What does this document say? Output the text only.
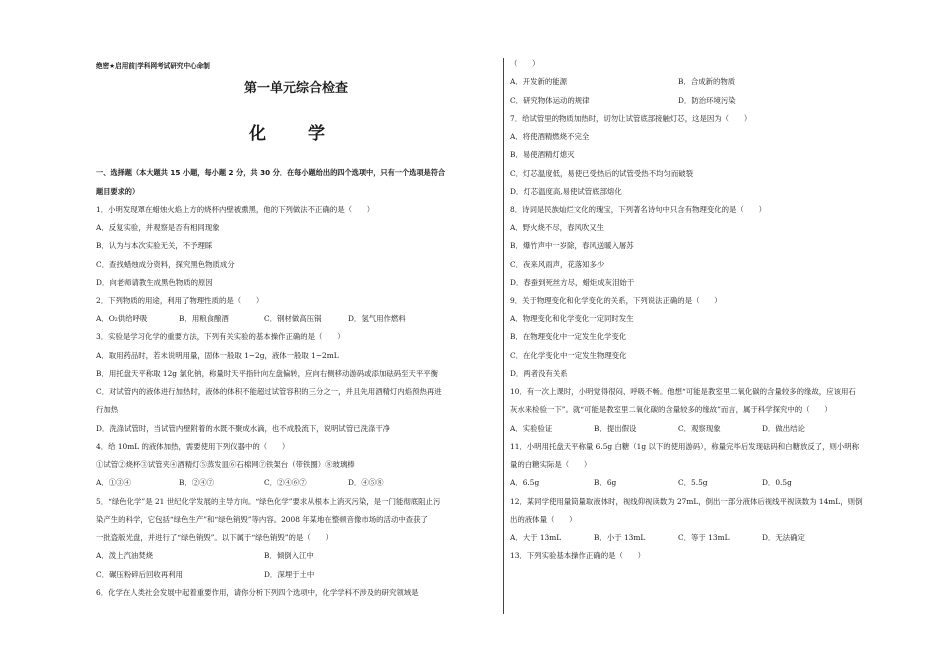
绝密★启用前|学科网考试研究中心命制
第一单元综合检查
化 学
一、选择题（本大题共 15 小题，每小题 2 分，共 30 分．在每小题给出的四个选项中，只有一个选项是符合
题目要求的）
1．小明发现罩在蜡烛火焰上方的烧杯内壁被熏黑，他的下列做法不正确的是（　　）
A．反复实验，并观察是否有相同现象
B．认为与本次实验无关，不予理睬
C．查找蜡烛成分资料，探究黑色物质成分
D．向老师请教生成黑色物质的原因
2．下列物质的用途，利用了物理性质的是（　　）
A．O₂供给呼吸	B．用粮食酿酒	C．钢材做高压锅	D．氢气用作燃料
3．实验是学习化学的重要方法，下列有关实验的基本操作正确的是（　　）
A．取用药品时，若未说明用量，固体一般取 1~2g，液体一般取 1~2mL
B．用托盘天平称取 12g 氯化钠，称量时天平指针向左盘偏转，应向右侧移动游码或添加砝码至天平平衡
C．对试管内的液体进行加热时，液体的体积不能超过试管容积的三分之一，并且先用酒精灯内焰预热再进
行加热
D．洗涤试管时，当试管内壁附着的水既不聚成水滴，也不成股流下，说明试管已洗涤干净
4．给 10mL 的液体加热，需要使用下列仪器中的（　　）
①试管②烧杯③试管夹④酒精灯⑤蒸发皿⑥石棉网⑦铁架台（带铁圈）⑧玻璃棒
A．①③④	B．②④⑦	C．②④⑥⑦	D．④⑤⑧
5．“绿色化学”是 21 世纪化学发展的主导方向。“绿色化学”要求从根本上消灭污染，是一门能彻底阻止污
染产生的科学，它包括“绿色生产”和“绿色销毁”等内容。2008 年某地在整顿音像市场的活动中查获了
一批盗版光盘，并进行了“绿色销毁”。以下属于“绿色销毁”的是（　　）
A．泼上汽油焚烧	B．倾倒入江中
C．碾压粉碎后回收再利用	D．深埋于土中
6．化学在人类社会发展中起着重要作用，请你分析下列四个选项中，化学学科不涉及的研究领域是
（　　）
A．开发新的能源	B．合成新的物质
C．研究物体运动的规律	D．防治环境污染
7．给试管里的物质加热时，切勿让试管底部接触灯芯，这是因为（　　）
A．将使酒精燃烧不完全
B．易使酒精灯熄灭
C．灯芯温度低，易使已受热后的试管受热不均匀而破裂
D．灯芯温度高,易使试管底部熔化
8．诗词是民族灿烂文化的瑰宝，下列著名诗句中只含有物理变化的是（　　）
A．野火烧不尽，春风吹又生
B．爆竹声中一岁除，春风送暖入屠苏
C．夜来风雨声，花落知多少
D．春蚕到死丝方尽，蜡炬成灰泪始干
9．关于物理变化和化学变化的关系，下列说法正确的是（　　）
A．物理变化和化学变化一定同时发生
B．在物理变化中一定发生化学变化
C．在化学变化中一定发生物理变化
D．两者没有关系
10．有一次上课时，小明觉得很闷、呼吸不畅。他想“可能是教室里二氧化碳的含量较多的缘故，应该用石
灰水来检验一下”。就“可能是教室里二氧化碳的含量较多的缘故”而言，属于科学探究中的（　　）
A．实验验证	B．提出假设	C．观察现象	D．做出结论
11．小明用托盘天平称量 6.5g 白糖（1g 以下的使用游码），称量完毕后发现砝码和白糖放反了，则小明称
量的白糖实际是（　　）
A．6.5g	B．6g	C．5.5g	D．0.5g
12．某同学使用量筒量取液体时，视线仰视读数为 27mL，倒出一部分液体后视线平视读数为 14mL，则倒
出的液体量（　　）
A．大于 13mL	B．小于 13mL	C．等于 13mL	D．无法确定
13．下列实验基本操作正确的是（　　）
